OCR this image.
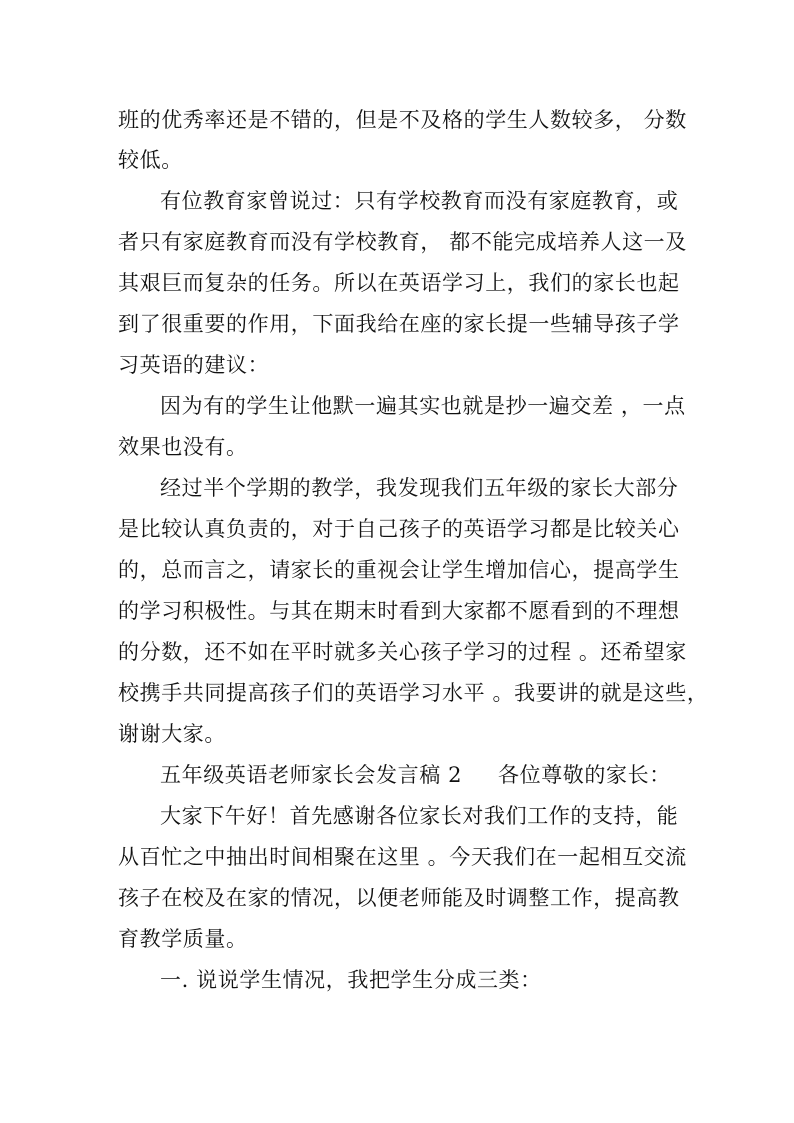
班的优秀率还是不错的，但是不及格的学生人数较多， 分数
较低。
有位教育家曾说过：只有学校教育而没有家庭教育，或
者只有家庭教育而没有学校教育， 都不能完成培养人这一及
其艰巨而复杂的任务。所以在英语学习上，我们的家长也起
到了很重要的作用，下面我给在座的家长提一些辅导孩子学
习英语的建议：
因为有的学生让他默一遍其实也就是抄一遍交差 ，一点
效果也没有。
经过半个学期的教学，我发现我们五年级的家长大部分
是比较认真负责的，对于自己孩子的英语学习都是比较关心
的，总而言之，请家长的重视会让学生增加信心，提高学生
的学习积极性。与其在期末时看到大家都不愿看到的不理想
的分数，还不如在平时就多关心孩子学习的过程 。还希望家
校携手共同提高孩子们的英语学习水平 。我要讲的就是这些，
谢谢大家。
五年级英语老师家长会发言稿 2	各位尊敬的家长：
大家下午好！首先感谢各位家长对我们工作的支持，能
从百忙之中抽出时间相聚在这里 。今天我们在一起相互交流
孩子在校及在家的情况，以便老师能及时调整工作，提高教
育教学质量。
一. 说说学生情况，我把学生分成三类：
